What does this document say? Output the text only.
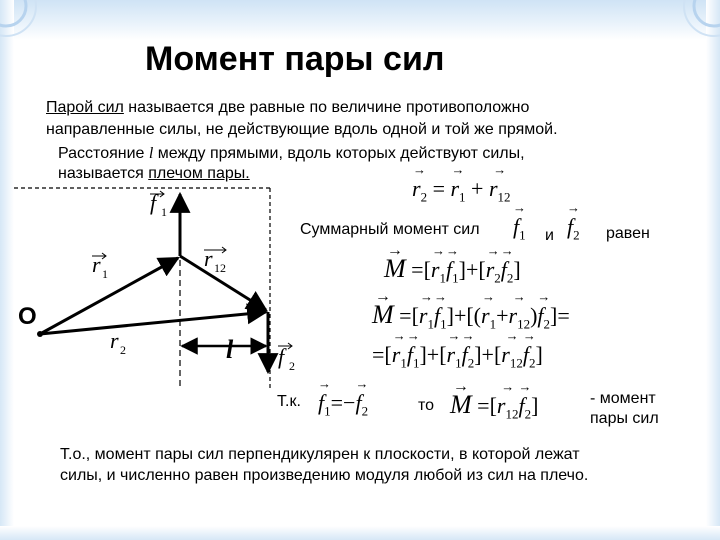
Момент пары сил
Парой сил называется две равные по величине противоположно
направленные силы, не действующие вдоль одной и той же прямой.
Расстояние l между прямыми, вдоль которых действуют силы,
называется плечом пары.
→ $r_2$ = → $r_1$ + → $r_{12}$
Суммарный момент сил
→ $f_1$ и
→ $f_2$ равен
→ M =[→ $r_1\to f_1]+[\to r_2\to f_2]$
→ M =[→ $r_1\to f_1]+[(\to r_1+\to r_{12})\to f_2]=$
=[→ $r_1\to f_1]+[\to r_1\to f_2]+[\to r_{12}\to f_2]$
Т.к.
→ $f_1=-\to f_2$	то
→ M =[→ $r_{12}\to f_2$]	- момент
пары сил
Т.о., момент пары сил перпендикулярен к плоскости, в которой лежат
силы, и численно равен произведению модуля любой из сил на плечо.
O
f 1
r 1
r 12
r 2	l f 2
